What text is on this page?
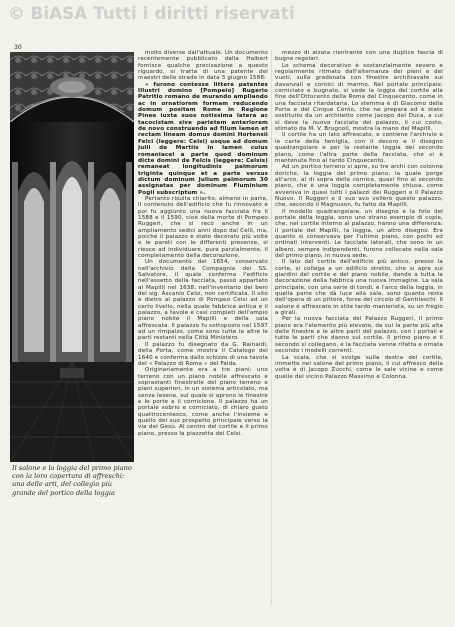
© BiASA Tutti i diritti riservati
30
Il salone e la loggia del primo piano con la loro copertura di affreschi: una delle arti, del collegio più grande del portico della loggia

molto diverse dall'attuale. Un documento recentemente pubblicato dalla Halbert fornisce qualche precisazione a questo riguardo, si tratta di una patente dei maestri delle strade in data 3 giugno 1588:

« furono contesse littere patentes Illustri domino [Pompeio] Rugerio Patritio romano de murando ampliando ac in ornatiorem formam reducendo domum positam Rome in Regione Pinee iuxta suos notissima latera ac tacocistam sive parietem anteriorem de novo construendo ad filum lamen et rectam lineam domus domini Hortensii Felci (leggere: Celsi) usque ad domum Julii de Martiis in lamen cuius romaniacei a parte quod dominum dicte domini de Felcis (leggere: Celsis) remaneat longitudinis palmorum triginta quinque et a parte versus dictum dominum Julium palmorum 30 assignatas per dominum Fluminium Pogii subscriptum ».

Pertanto risulta chiarito, almeno in parte, il contenuto dell'edificio che fu rinnovato e poi fu aggiunto una nuova facciata fra il 1588 e il 1590, cioè della morte di Pompeo Ruggeri, che si recò anche in un ampliamento sedici anni dopo dal Celli, ma, poiché il palazzo è stato decorato più volte e le pareti con le differenti presenze, si riesce ad individuare, pure parzialmente, il completamento della decorazione.

Un documento del 1654, conservato nell'archivio della Compagnia dei SS. Salvatore, il quale conferma l'edificio nell'assetto della facciata, passò appartato al Mapilli nel 1638, nell'inventario dei beni del sig. Ascanio Celsi, non certificata. Il sito e dietro al palazzo di Pompeo Celsi ad un certo livello, nella quale fabbrica antica e il palazzo, a tavole e casi completi dell'ampio piano nobile il Mapilli e della sala affrescata. Il palazzo fu sottoposto nel 1597 ad un rimpalzo, come sono tutte le altre le parti restanti nella Città Ministero.

Il palazzo fu disegnato da G. Rainaldi, della Porta, come mostra il Catalogo del 1640 e conferma dallo schizzo di una tavola del « Palazzo di Roma » del Falda.

Originariamente era a tre piani: uno terreno con un piano nobile affrescato e soprastanti finestrelle del piano terreno e piani superiori, in un sistema articolato, ma senza lesene, sul quale si aprono le finestre e le porte e il cornicione. Il palazzo ha un portale sobrio e corniciato, di chiaro gusto quattrocentesco, come anche l'insieme e quello del suo prospetto principale verso la via del Gesù. Al centro del cortile e il primo piano, presso la piazzetta dei Celsi.

mezzo di alzata rientrante con una duplice fascia di bugne regolari.

Lo schema decorativo è sostanzialmente severo e regolarmente ritmato dall'alternanza dei pieni e dei vuoti, sulla gradonata con finestre architravate sui davanzali e cornici di marmo. Nel portale principale, corniciato e bugnato, si vede la loggia del cortile alla fine dell'Ottocento della Roma del Cinquecento, come in una facciata ritardataria. Lo stemma è di Giacomo della Porta e del Cinque Cento, che ne prepara ed è stato sostituito da un architetto come Jacopo del Duca, a cui si deve la nuova facciata del palazzo, il cui costo, stimato da M. V. Brugnoli, mostra la mano del Mapilli.

Il cortile ha un lato affrescato, e contiene l'archivio e le carte della famiglia, con il decoro e il disegno quadrangolare e per la restante loggia del secondo piano, come l'altra parte della facciata, che si è mantenuta fino al tardo Cinquecento.

Ad un portico terreno si apre, su tre archi con colonne doriche, la loggia del primo piano, la quale porge all'arco, al di sopra della cornice, quasi fino al secondo piano, che è una loggia completamente chiusa, come avveniva in quasi tutti i palazzi dei Ruggeri e il Palazzo Nuovo. Il Ruggeri e il suo avo vollero questo palazzo, che, secondo il Magnuson, fu fatto da Mapilli.

Il modello quadrangolare, un disegno e la foto del portale della loggia, sono uno strano esempio di copie, che, nel cortile interno al palazzo, hanno una differenza: il portale del Mapilli, la loggia, un altro disegno. Era quanto si conservava per l'ultimo piano, con pochi ed ordinati interventi. Le facciate laterali, che sono in un albero, sempre indipendenti, furono collocate nella sala del primo piano, in nuova sede.

Il lato del cortile dell'edificio più antico, presso la corte, si collega a un edificio stretto, che si apre sui giardini del cortile e del piano nobile, dando a tutta la decorazione della fabbrica una nuova immagine. La sala principale, con una serie di tondi, e l'arco della loggia, in quella parte che dà luce alla sala, sono quanto resta dell'opera di un pittore, forse del circolo di Gentileschi. Il salone è affrescato in stile tardo manierista, su un fregio a girali.

Per la nuova facciata del Palazzo Ruggeri, il primo piano era l'elemento più elevato, da cui la parte più alta delle finestre e le altre parti del palazzo, con i portali e tutte le parti che danno sul cortile. Il primo piano e il secondo si collegano, e la facciata venne rifatta e ornata secondo i modelli correnti.

La scala, che si svolge sulla destra del cortile, immette nel salone del primo piano, il cui affresco della volta è di Jacopo Zucchi, come le sale vicine e come quelle del vicino Palazzo Massimo e Colonna.
